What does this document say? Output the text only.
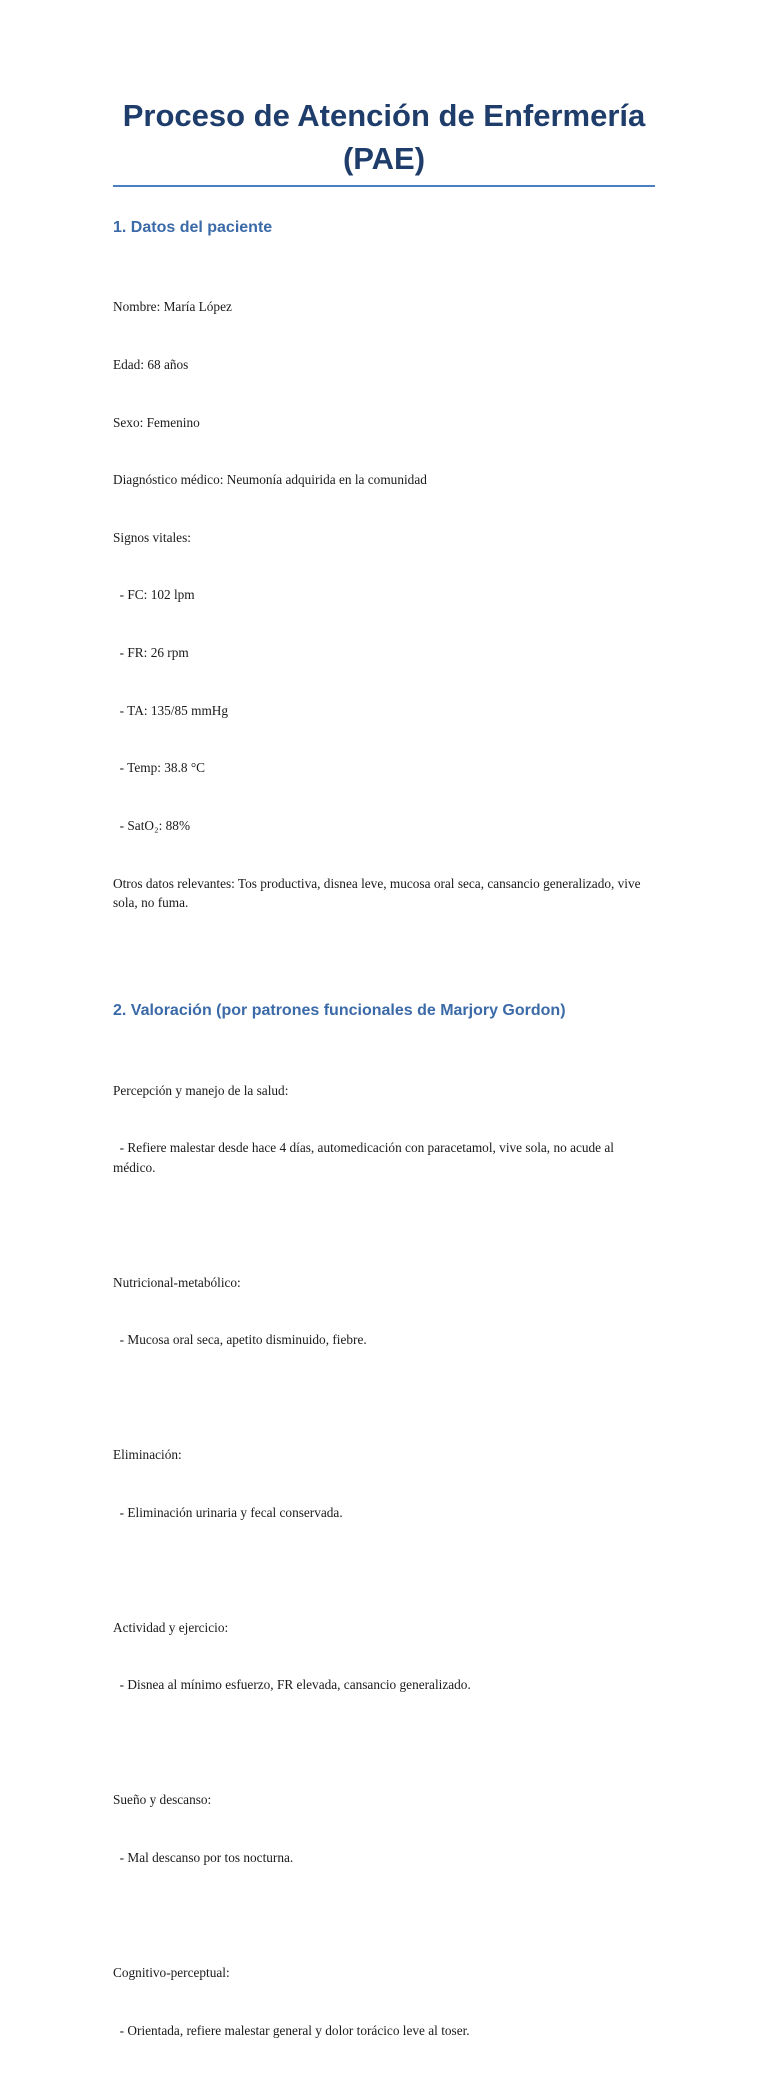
Proceso de Atención de Enfermería (PAE)
1. Datos del paciente

Nombre: María López

Edad: 68 años

Sexo: Femenino

Diagnóstico médico: Neumonía adquirida en la comunidad

Signos vitales:

- FC: 102 lpm

- FR: 26 rpm

- TA: 135/85 mmHg

- Temp: 38.8 °C

- SatO₂: 88%

Otros datos relevantes: Tos productiva, disnea leve, mucosa oral seca, cansancio generalizado, vive sola, no fuma.

2. Valoración (por patrones funcionales de Marjory Gordon)

Percepción y manejo de la salud:

- Refiere malestar desde hace 4 días, automedicación con paracetamol, vive sola, no acude al médico.

Nutricional-metabólico:

- Mucosa oral seca, apetito disminuido, fiebre.

Eliminación:

- Eliminación urinaria y fecal conservada.

Actividad y ejercicio:

- Disnea al mínimo esfuerzo, FR elevada, cansancio generalizado.

Sueño y descanso:

- Mal descanso por tos nocturna.

Cognitivo-perceptual:

- Orientada, refiere malestar general y dolor torácico leve al toser.
